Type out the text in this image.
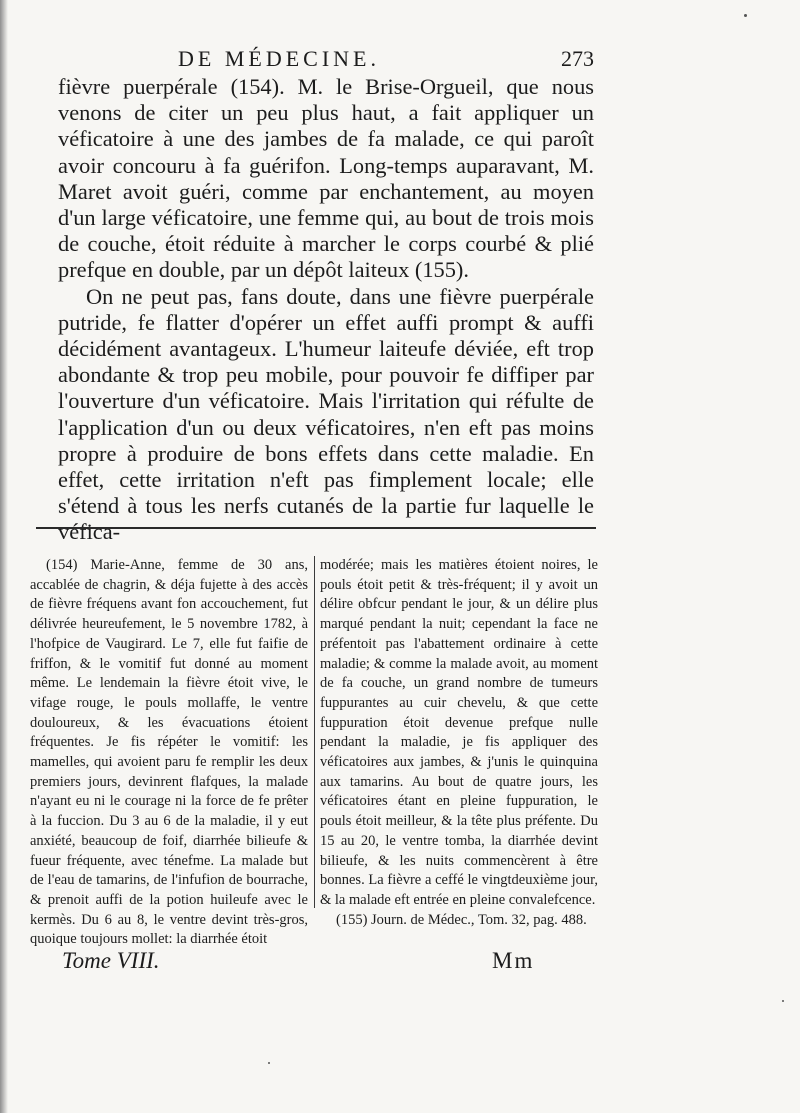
DE MÉDECINE.	273

fièvre puerpérale (154). M. le Brise-Orgueil, que nous venons de citer un peu plus haut, a fait appliquer un véficatoire à une des jambes de fa malade, ce qui paroît avoir concouru à fa guérifon. Long-temps auparavant, M. Maret avoit guéri, comme par enchantement, au moyen d'un large véficatoire, une femme qui, au bout de trois mois de couche, étoit réduite à marcher le corps courbé & plié prefque en double, par un dépôt laiteux (155).

On ne peut pas, fans doute, dans une fièvre puerpérale putride, fe flatter d'opérer un effet auffi prompt & auffi décidément avantageux. L'humeur laiteufe déviée, eft trop abondante & trop peu mobile, pour pouvoir fe diffiper par l'ouverture d'un véficatoire. Mais l'irritation qui réfulte de l'application d'un ou deux véficatoires, n'en eft pas moins propre à produire de bons effets dans cette maladie. En effet, cette irritation n'eft pas fimplement locale; elle s'étend à tous les nerfs cutanés de la partie fur laquelle le véfica-

(154) Marie-Anne, femme de 30 ans, accablée de chagrin, & déja fujette à des accès de fièvre fréquens avant fon accouchement, fut délivrée heureufement, le 5 novembre 1782, à l'hofpice de Vaugirard. Le 7, elle fut faifie de friffon, & le vomitif fut donné au moment même. Le lendemain la fièvre étoit vive, le vifage rouge, le pouls mollaffe, le ventre douloureux, & les évacuations étoient fréquentes. Je fis répéter le vomitif: les mamelles, qui avoient paru fe remplir les deux premiers jours, devinrent flafques, la malade n'ayant eu ni le courage ni la force de fe prêter à la fuccion. Du 3 au 6 de la maladie, il y eut anxiété, beaucoup de foif, diarrhée bilieufe & fueur fréquente, avec ténefme. La malade but de l'eau de tamarins, de l'infufion de bourrache, & prenoit auffi de la potion huileufe avec le kermès. Du 6 au 8, le ventre devint très-gros, quoique toujours mollet: la diarrhée étoit

modérée; mais les matières étoient noires, le pouls étoit petit & très-fréquent; il y avoit un délire obfcur pendant le jour, & un délire plus marqué pendant la nuit; cependant la face ne préfentoit pas l'abattement ordinaire à cette maladie; & comme la malade avoit, au moment de fa couche, un grand nombre de tumeurs fuppurantes au cuir chevelu, & que cette fuppuration étoit devenue prefque nulle pendant la maladie, je fis appliquer des véficatoires aux jambes, & j'unis le quinquina aux tamarins. Au bout de quatre jours, les véficatoires étant en pleine fuppuration, le pouls étoit meilleur, & la tête plus préfente. Du 15 au 20, le ventre tomba, la diarrhée devint bilieufe, & les nuits commencèrent à être bonnes. La fièvre a ceffé le vingtdeuxième jour, & la malade eft entrée en pleine convalefcence.

(155) Journ. de Médec., Tom. 32, pag. 488.

Tome VIII.	Mm
